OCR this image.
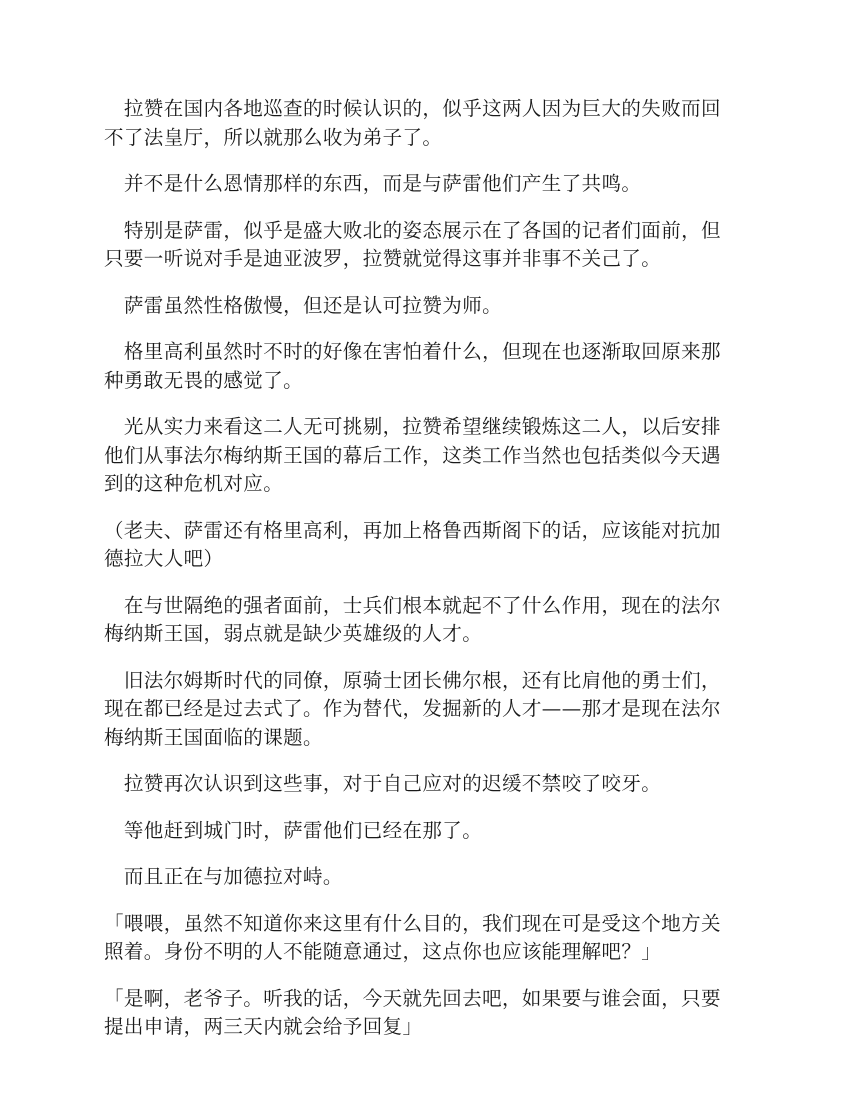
　拉赞在国内各地巡查的时候认识的，似乎这两人因为巨大的失败而回
不了法皇厅，所以就那么收为弟子了。

　并不是什么恩情那样的东西，而是与萨雷他们产生了共鸣。

　特别是萨雷，似乎是盛大败北的姿态展示在了各国的记者们面前，但
只要一听说对手是迪亚波罗，拉赞就觉得这事并非事不关己了。

　萨雷虽然性格傲慢，但还是认可拉赞为师。

　格里高利虽然时不时的好像在害怕着什么，但现在也逐渐取回原来那
种勇敢无畏的感觉了。

　光从实力来看这二人无可挑剔，拉赞希望继续锻炼这二人，以后安排
他们从事法尔梅纳斯王国的幕后工作，这类工作当然也包括类似今天遇
到的这种危机对应。

（老夫、萨雷还有格里高利，再加上格鲁西斯阁下的话，应该能对抗加
德拉大人吧）

　在与世隔绝的强者面前，士兵们根本就起不了什么作用，现在的法尔
梅纳斯王国，弱点就是缺少英雄级的人才。

　旧法尔姆斯时代的同僚，原骑士团长佛尔根，还有比肩他的勇士们，
现在都已经是过去式了。作为替代，发掘新的人才——那才是现在法尔
梅纳斯王国面临的课题。

　拉赞再次认识到这些事，对于自己应对的迟缓不禁咬了咬牙。

　等他赶到城门时，萨雷他们已经在那了。

　而且正在与加德拉对峙。

「喂喂，虽然不知道你来这里有什么目的，我们现在可是受这个地方关
照着。身份不明的人不能随意通过，这点你也应该能理解吧？」

「是啊，老爷子。听我的话，今天就先回去吧，如果要与谁会面，只要
提出申请，两三天内就会给予回复」
